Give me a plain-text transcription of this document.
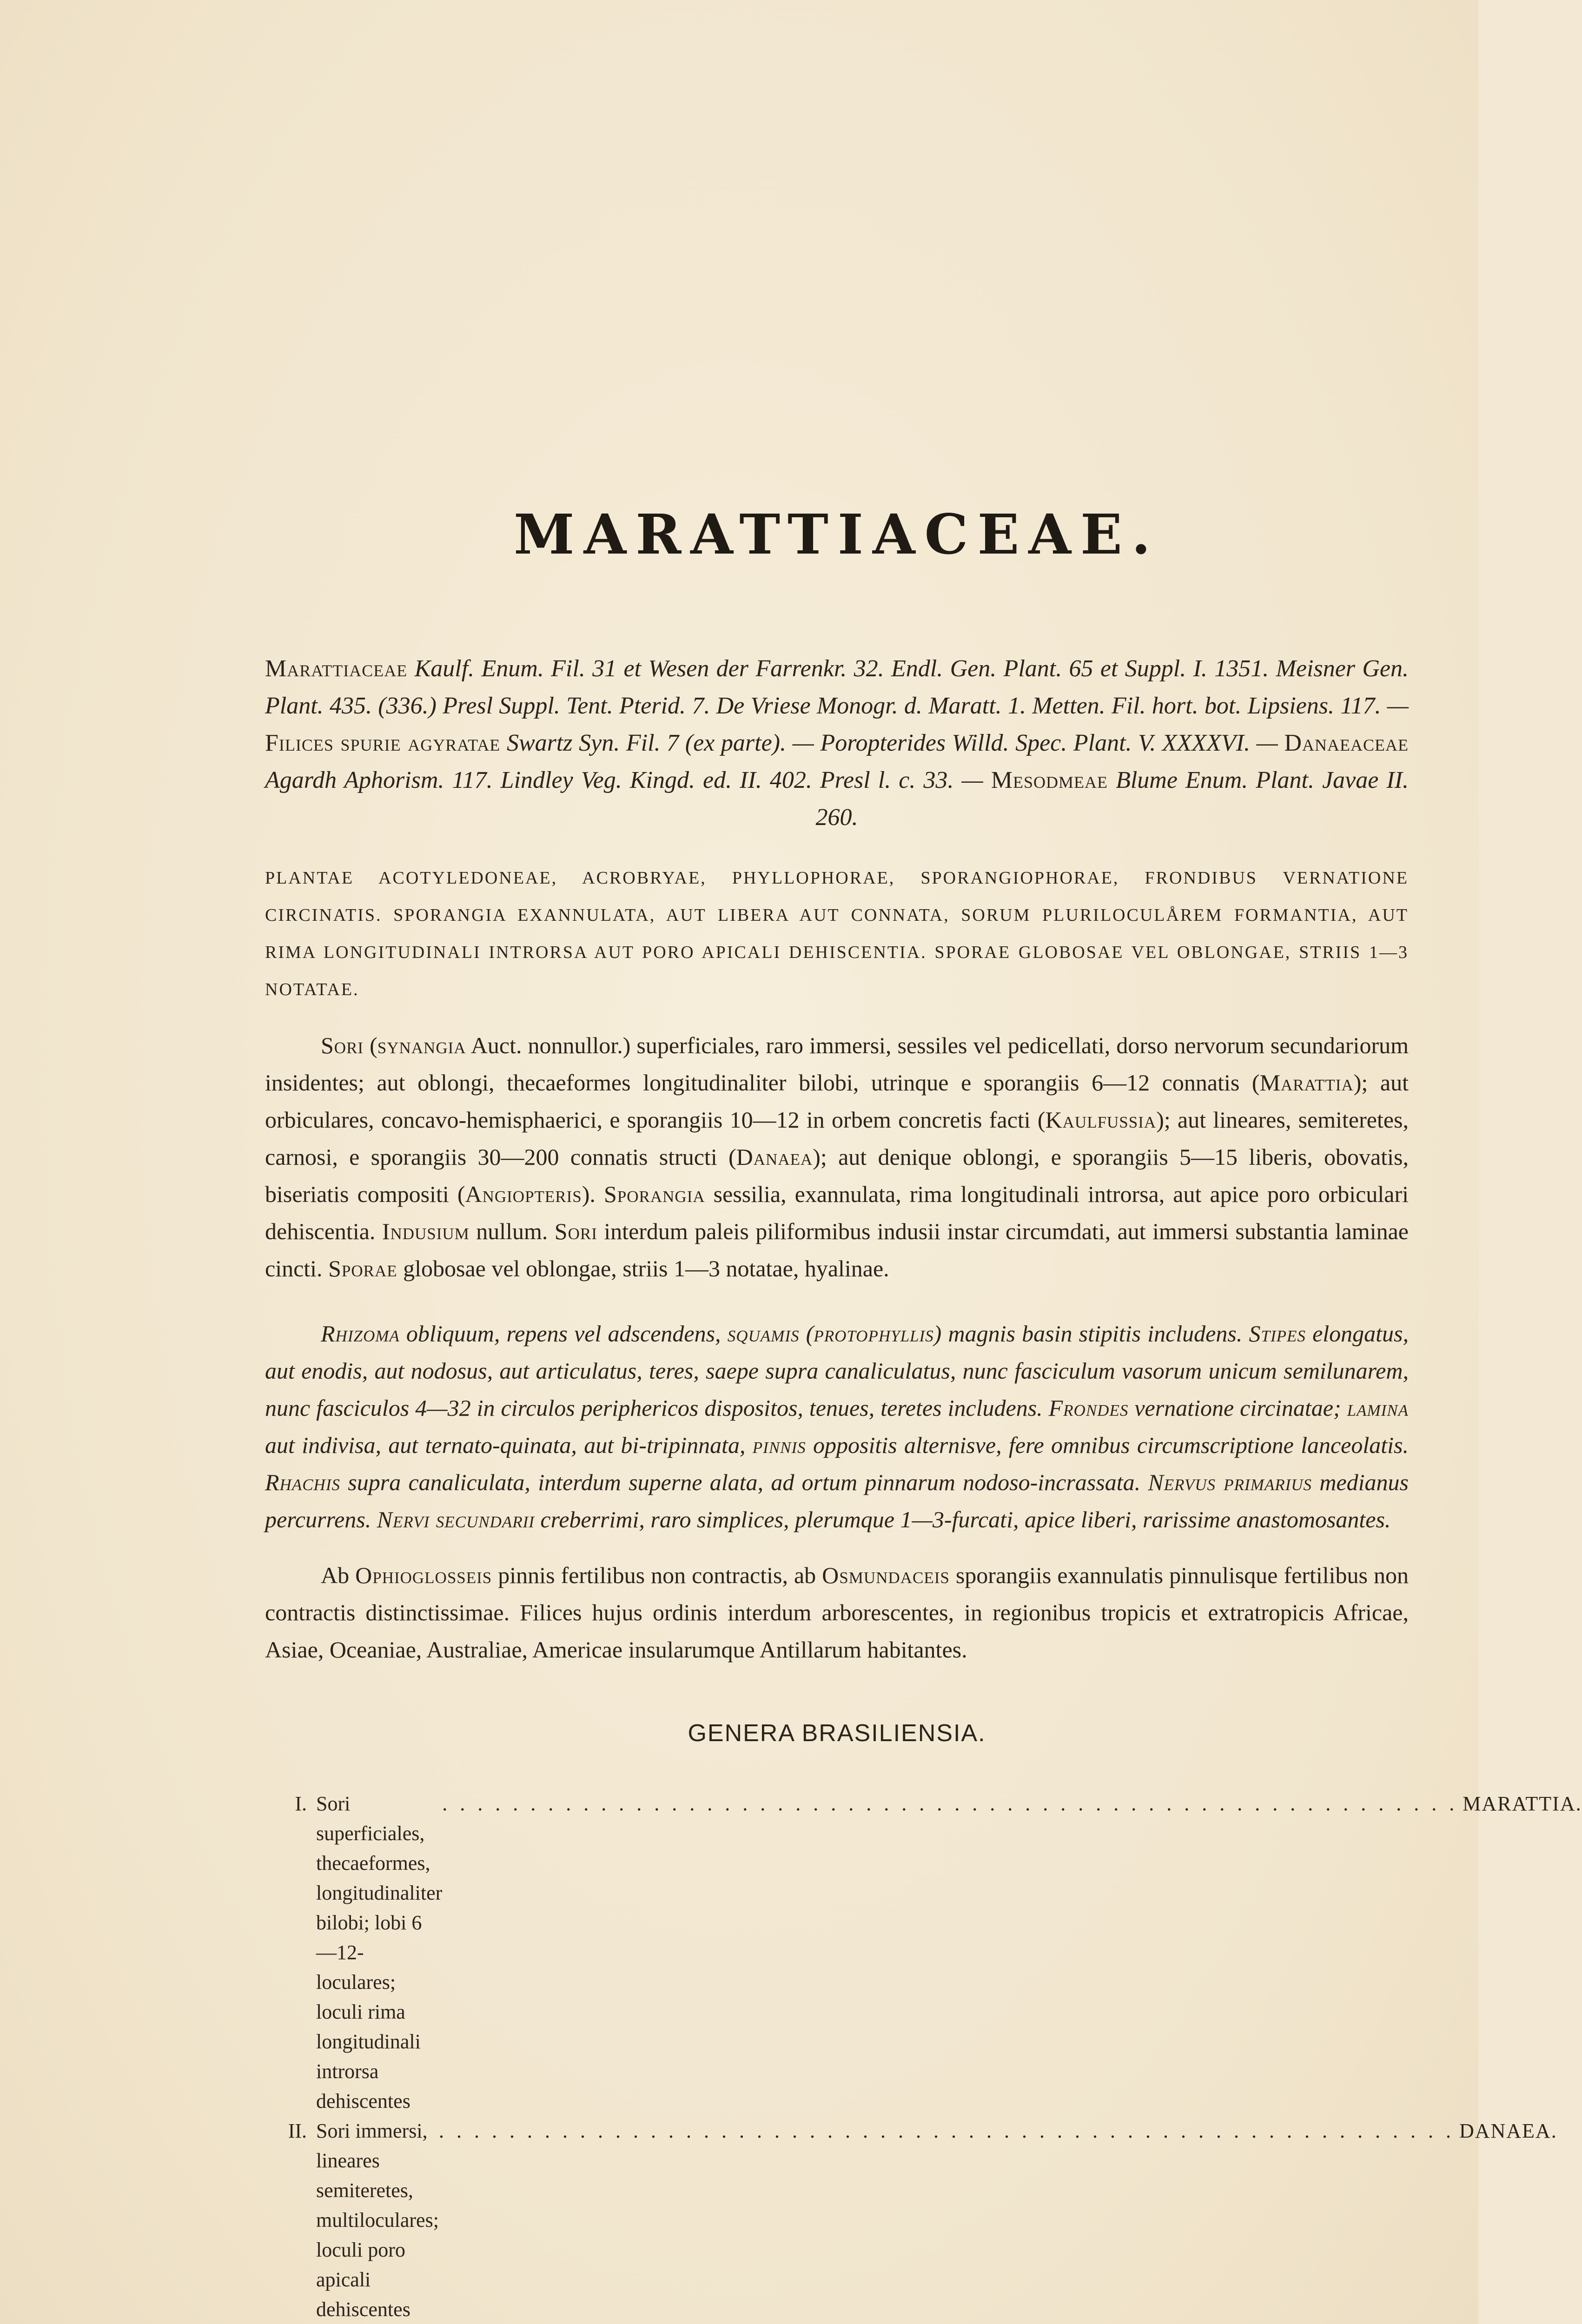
MARATTIACEAE.

Marattiaceae Kaulf. Enum. Fil. 31 et Wesen der Farrenkr. 32. Endl. Gen. Plant. 65 et Suppl. I. 1351. Meisner Gen. Plant. 435. (336.) Presl Suppl. Tent. Pterid. 7. De Vriese Monogr. d. Maratt. 1. Metten. Fil. hort. bot. Lipsiens. 117. — Filices spurie agyratae Swartz Syn. Fil. 7 (ex parte). — Poropterides Willd. Spec. Plant. V. XXXXVI. — Danaeaceae Agardh Aphorism. 117. Lindley Veg. Kingd. ed. II. 402. Presl l. c. 33. — Mesodmeae Blume Enum. Plant. Javae II. 260.

PLANTAE ACOTYLEDONEAE, ACROBRYAE, PHYLLOPHORAE, SPORANGIOPHORAE, FRONDIBUS VERNATIONE CIRCINATIS. SPORANGIA EXANNULATA, AUT LIBERA AUT CONNATA, SORUM PLURILOCULÅREM FORMANTIA, AUT RIMA LONGITUDINALI INTRORSA AUT PORO APICALI DEHISCENTIA. SPORAE GLOBOSAE VEL OBLONGAE, STRIIS 1—3 NOTATAE.

Sori (synangia Auct. nonnullor.) superficiales, raro immersi, sessiles vel pedicellati, dorso nervorum secundariorum insidentes; aut oblongi, thecaeformes longitudinaliter bilobi, utrinque e sporangiis 6—12 connatis (Marattia); aut orbiculares, concavo-hemisphaerici, e sporangiis 10—12 in orbem concretis facti (Kaulfussia); aut lineares, semiteretes, carnosi, e sporangiis 30—200 connatis structi (Danaea); aut denique oblongi, e sporangiis 5—15 liberis, obovatis, biseriatis compositi (Angiopteris). Sporangia sessilia, exannulata, rima longitudinali introrsa, aut apice poro orbiculari dehiscentia. Indusium nullum. Sori interdum paleis piliformibus indusii instar circumdati, aut immersi substantia laminae cincti. Sporae globosae vel oblongae, striis 1—3 notatae, hyalinae.

Rhizoma obliquum, repens vel adscendens, squamis (protophyllis) magnis basin stipitis includens. Stipes elongatus, aut enodis, aut nodosus, aut articulatus, teres, saepe supra canaliculatus, nunc fasciculum vasorum unicum semilunarem, nunc fasciculos 4—32 in circulos periphericos dispositos, tenues, teretes includens. Frondes vernatione circinatae; lamina aut indivisa, aut ternato-quinata, aut bi-tripinnata, pinnis oppositis alternisve, fere omnibus circumscriptione lanceolatis. Rhachis supra canaliculata, interdum superne alata, ad ortum pinnarum nodoso-incrassata. Nervus primarius medianus percurrens. Nervi secundarii creberrimi, raro simplices, plerumque 1—3-furcati, apice liberi, rarissime anastomosantes.

Ab Ophioglosseis pinnis fertilibus non contractis, ab Osmundaceis sporangiis exannulatis pinnulisque fertilibus non contractis distinctissimae. Filices hujus ordinis interdum arborescentes, in regionibus tropicis et extratropicis Africae, Asiae, Oceaniae, Australiae, Americae insularumque Antillarum habitantes.

GENERA BRASILIENSIA.
I. Sori superficiales, thecaeformes, longitudinaliter bilobi; lobi 6—12-loculares; loculi rima longitudinali introrsa dehiscentes
. . . . . . . . . . . . . . . . . . . . . . . . . . . . . . . . . . . . . . . . . . . . . . . . . . . . . . . . . . MARATTIA.
II. Sori immersi, lineares semiteretes, multiloculares; loculi poro apicali dehiscentes
. . . . . . . . . . . . . . . . . . . . . . . . . . . . . . . . . . . . . . . . . . . . . . . . . . . . . . . . . . DANAEA.
